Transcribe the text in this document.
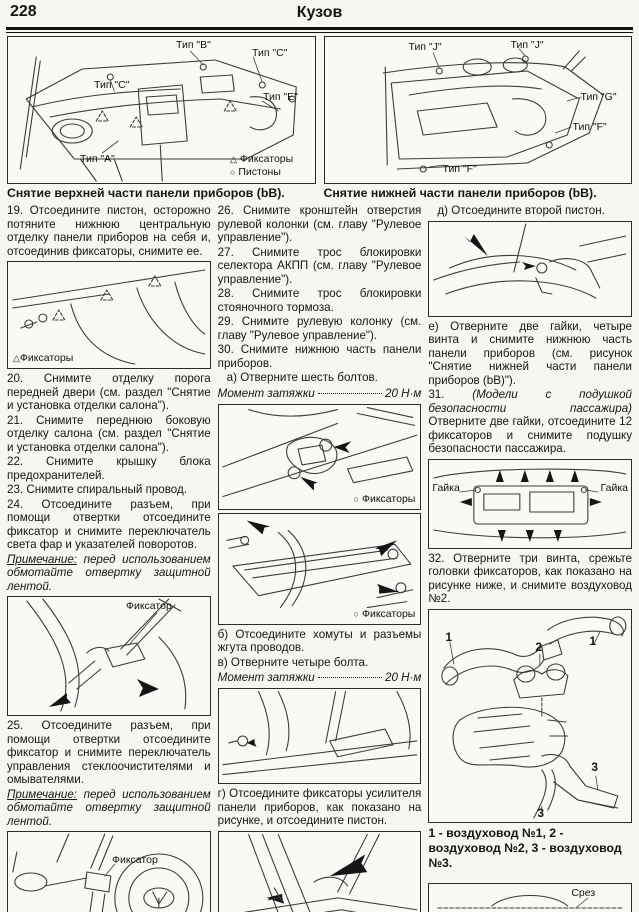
228	Кузов
Тип "B"
Тип "C"
Тип "C"
Тип "E"
Тип "A"	△ Фиксаторы
○ Пистоны
Снятие верхней части панели приборов (bB).
Тип "J"	Тип "J"
Тип "G"
Тип "F"
Тип "F"
Снятие нижней части панели приборов (bB).

19. Отсоедините пистон, осторожно потяните нижнюю центральную отделку панели приборов на себя и, отсоединив фиксаторы, снимите ее.

△Фиксаторы

20. Снимите отделку порога передней двери (см. раздел "Снятие и установка отделки салона").

21. Снимите переднюю боковую отделку салона (см. раздел "Снятие и установка отделки салона").

22. Снимите крышку блока предохранителей.

23. Снимите спиральный провод.

24. Отсоедините разъем, при помощи отвертки отсоедините фиксатор и снимите переключатель света фар и указателей поворотов.

Примечание: перед использованием обмотайте отвертку защитной лентой.

Фиксатор

25. Отсоедините разъем, при помощи отвертки отсоедините фиксатор и снимите переключатель управления стеклоочистителями и омывателями.

Примечание: перед использованием обмотайте отвертку защитной лентой.

Фиксатор

26. Снимите кронштейн отверстия рулевой колонки (см. главу "Рулевое управление").

27. Снимите трос блокировки селектора АКПП (см. главу "Рулевое управление").

28. Снимите трос блокировки стояночного тормоза.

29. Снимите рулевую колонку (см. главу "Рулевое управление").

30. Снимите нижнюю часть панели приборов.

а) Отверните шесть болтов.

Момент затяжки	20 Н·м
○ Фиксаторы
○ Фиксаторы

б) Отсоедините хомуты и разъемы жгута проводов.

в) Отверните четыре болта.

Момент затяжки	20 Н·м

г) Отсоедините фиксаторы усилителя панели приборов, как показано на рисунке, и отсоедините пистон.

д) Отсоедините второй пистон.

е) Отверните две гайки, четыре винта и снимите нижнюю часть панели приборов (см. рисунок "Снятие нижней части панели приборов (bB)").

31. (Модели с подушкой безопасности пассажира) Отверните две гайки, отсоедините 12 фиксаторов и снимите подушку безопасности пассажира.

Гайка	Гайка

32. Отверните три винта, срежьте головки фиксаторов, как показано на рисунке ниже, и снимите воздуховод №2.

1	1
2
3
3

1 - воздуховод №1, 2 - воздуховод №2, 3 - воздуховод №3.

Срез
